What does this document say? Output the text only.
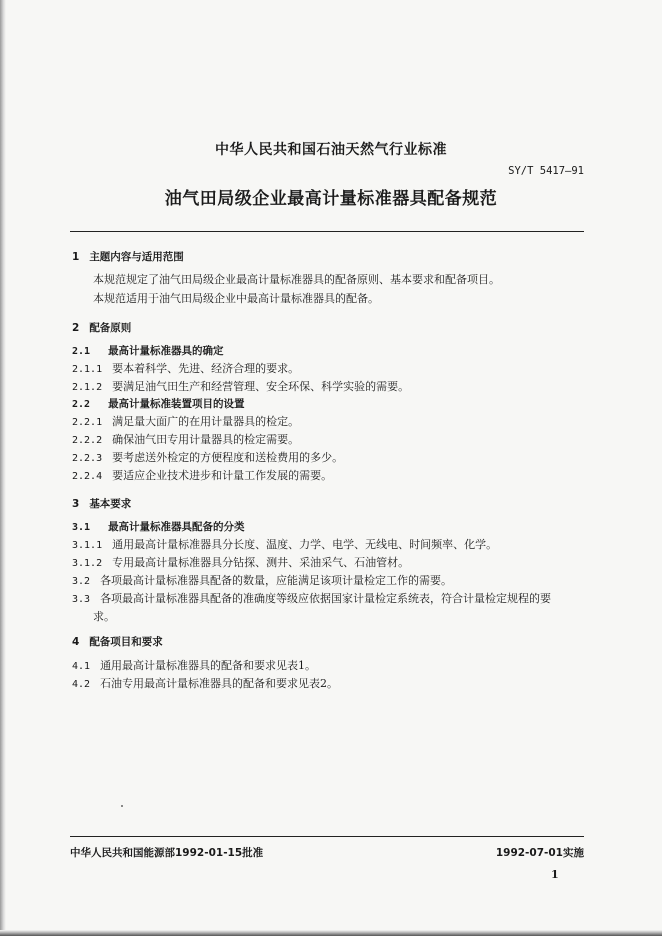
中华人民共和国石油天然气行业标准
SY/T 5417—91
油气田局级企业最高计量标准器具配备规范
1 主题内容与适用范围
本规范规定了油气田局级企业最高计量标准器具的配备原则、基本要求和配备项目。
本规范适用于油气田局级企业中最高计量标准器具的配备。
2 配备原则
2.1 最高计量标准器具的确定
2.1.1 要本着科学、先进、经济合理的要求。
2.1.2 要满足油气田生产和经营管理、安全环保、科学实验的需要。
2.2 最高计量标准装置项目的设置
2.2.1 满足量大面广的在用计量器具的检定。
2.2.2 确保油气田专用计量器具的检定需要。
2.2.3 要考虑送外检定的方便程度和送检费用的多少。
2.2.4 要适应企业技术进步和计量工作发展的需要。
3 基本要求
3.1 最高计量标准器具配备的分类
3.1.1 通用最高计量标准器具分长度、温度、力学、电学、无线电、时间频率、化学。
3.1.2 专用最高计量标准器具分钻探、测井、采油采气、石油管材。
3.2 各项最高计量标准器具配备的数量，应能满足该项计量检定工作的需要。
3.3 各项最高计量标准器具配备的准确度等级应依据国家计量检定系统表，符合计量检定规程的要
求。
4 配备项目和要求
4.1 通用最高计量标准器具的配备和要求见表1。
4.2 石油专用最高计量标准器具的配备和要求见表2。
中华人民共和国能源部1992-01-15批准	1992-07-01实施
1
